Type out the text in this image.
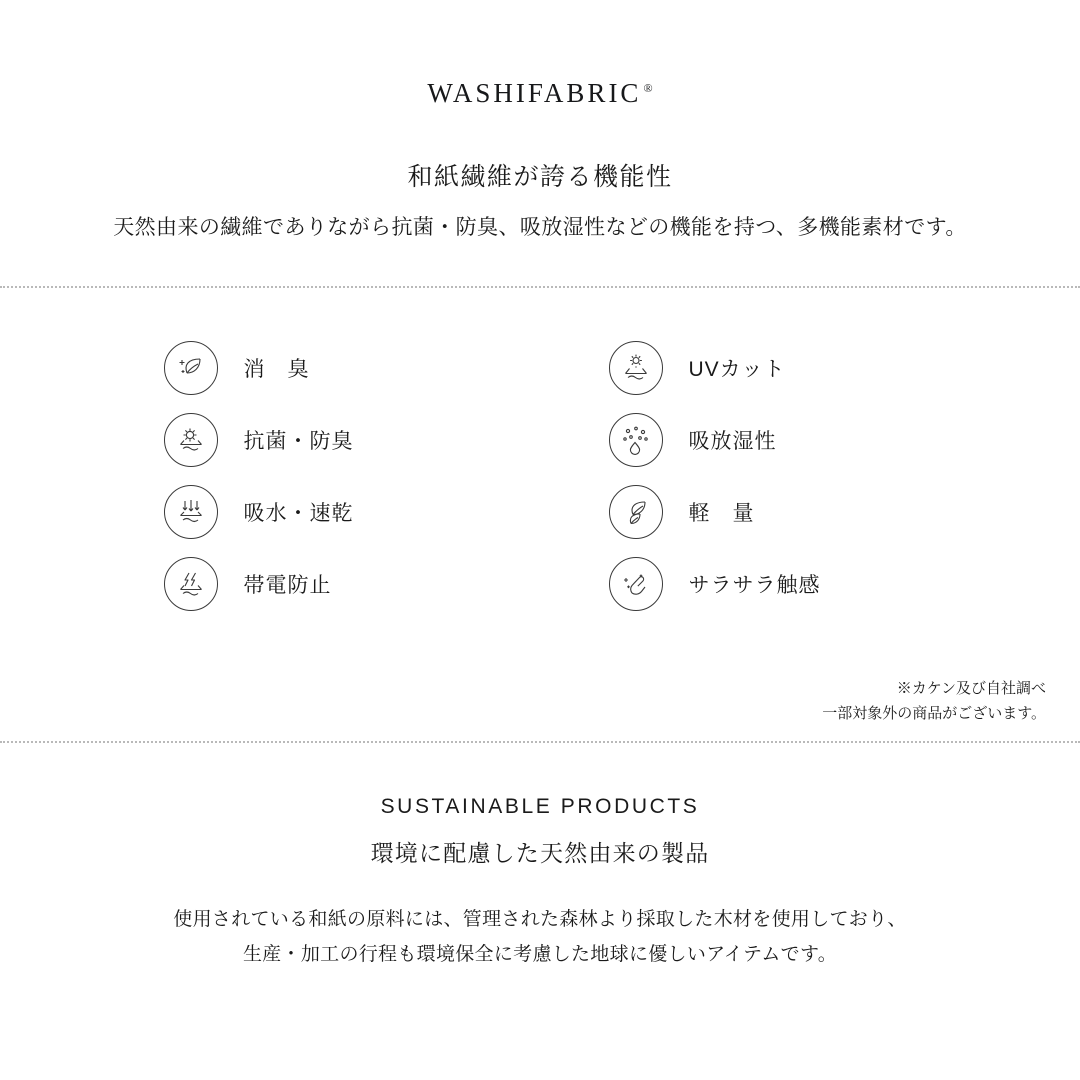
WASHIFABRIC ®
和紙繊維が誇る機能性

天然由来の繊維でありながら抗菌・防臭、吸放湿性などの機能を持つ、多機能素材です。

消　臭
抗菌・防臭
吸水・速乾
帯電防止
UVカット
吸放湿性
軽　量
サラサラ触感
※カケン及び自社調べ
一部対象外の商品がございます。
SUSTAINABLE PRODUCTS
環境に配慮した天然由来の製品
使用されている和紙の原料には、管理された森林より採取した木材を使用しており、
生産・加工の行程も環境保全に考慮した地球に優しいアイテムです。
